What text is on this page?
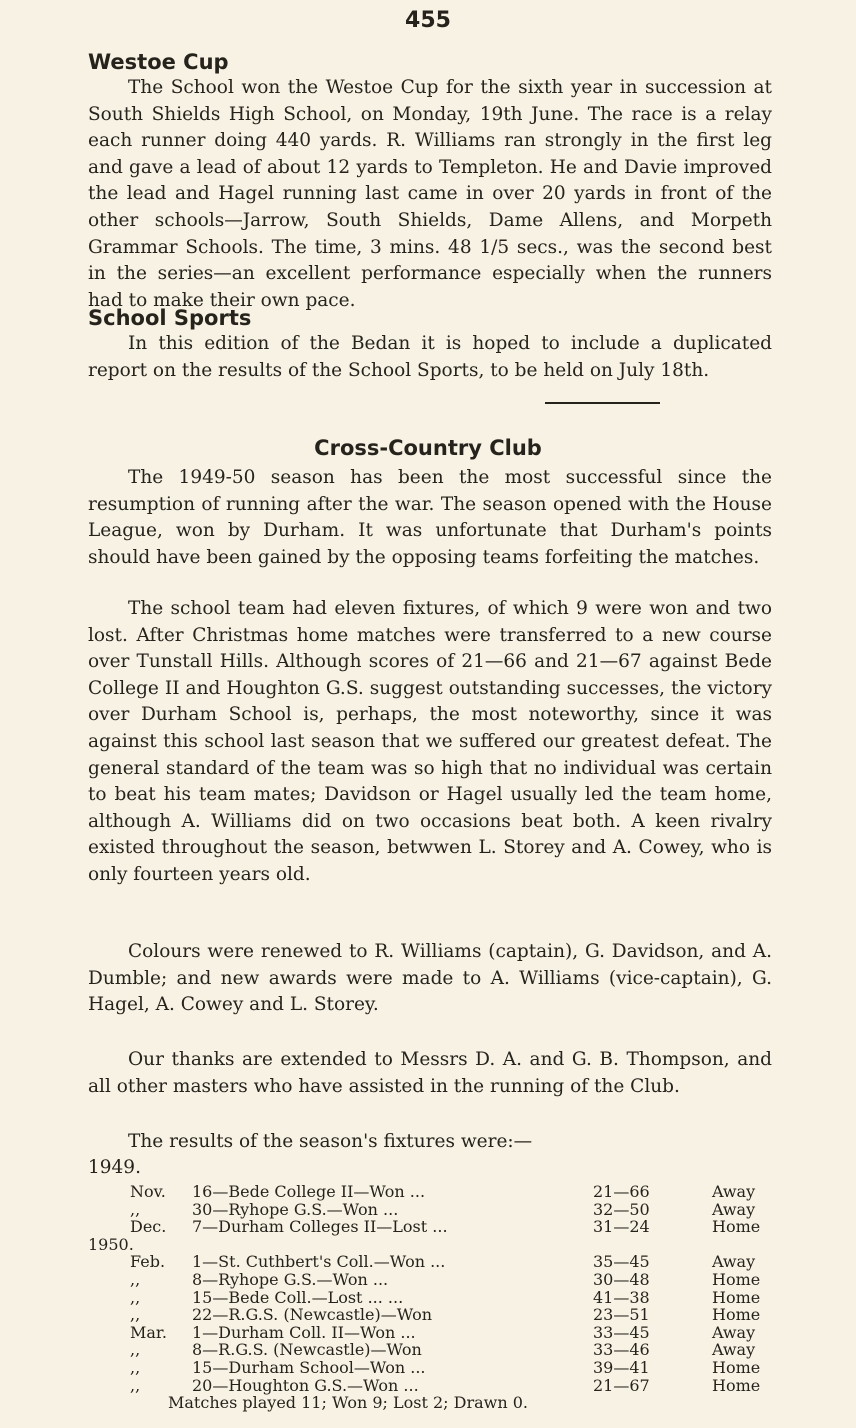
455
Westoe Cup
The School won the Westoe Cup for the sixth year in succession at South Shields High School, on Monday, 19th June. The race is a relay each runner doing 440 yards. R. Williams ran strongly in the first leg and gave a lead of about 12 yards to Templeton. He and Davie improved the lead and Hagel running last came in over 20 yards in front of the other schools—Jarrow, South Shields, Dame Allens, and Morpeth Grammar Schools. The time, 3 mins. 48 1/5 secs., was the second best in the series—an excellent performance especially when the runners had to make their own pace.
School Sports
In this edition of the Bedan it is hoped to include a duplicated report on the results of the School Sports, to be held on July 18th.
Cross-Country Club
The 1949-50 season has been the most successful since the resumption of running after the war. The season opened with the House League, won by Durham. It was unfortunate that Durham's points should have been gained by the opposing teams forfeiting the matches.
The school team had eleven fixtures, of which 9 were won and two lost. After Christmas home matches were transferred to a new course over Tunstall Hills. Although scores of 21—66 and 21—67 against Bede College II and Houghton G.S. suggest outstanding successes, the victory over Durham School is, perhaps, the most noteworthy, since it was against this school last season that we suffered our greatest defeat. The general standard of the team was so high that no individual was certain to beat his team mates; Davidson or Hagel usually led the team home, although A. Williams did on two occasions beat both. A keen rivalry existed throughout the season, betwwen L. Storey and A. Cowey, who is only fourteen years old.
Colours were renewed to R. Williams (captain), G. Davidson, and A. Dumble; and new awards were made to A. Williams (vice-captain), G. Hagel, A. Cowey and L. Storey.
Our thanks are extended to Messrs D. A. and G. B. Thompson, and all other masters who have assisted in the running of the Club.
The results of the season's fixtures were:—
1949.
1950.
Nov. 16—Bede College II—Won ...	21—66	Away
,,	30—Ryhope G.S.—Won ...	32—50	Away
Dec. 7—Durham Colleges II—Lost ...	31—24	Home
Feb. 1—St. Cuthbert's Coll.—Won ...	35—45	Away
,,	8—Ryhope G.S.—Won ...	30—48	Home
,,	15—Bede Coll.—Lost ... ...	41—38	Home
,,	22—R.G.S. (Newcastle)—Won	23—51	Home
Mar. 1—Durham Coll. II—Won ...	33—45	Away
,,	8—R.G.S. (Newcastle)—Won	33—46	Away
,,	15—Durham School—Won ...	39—41	Home
,,	20—Houghton G.S.—Won ...	21—67	Home
Matches played 11; Won 9; Lost 2; Drawn 0.
